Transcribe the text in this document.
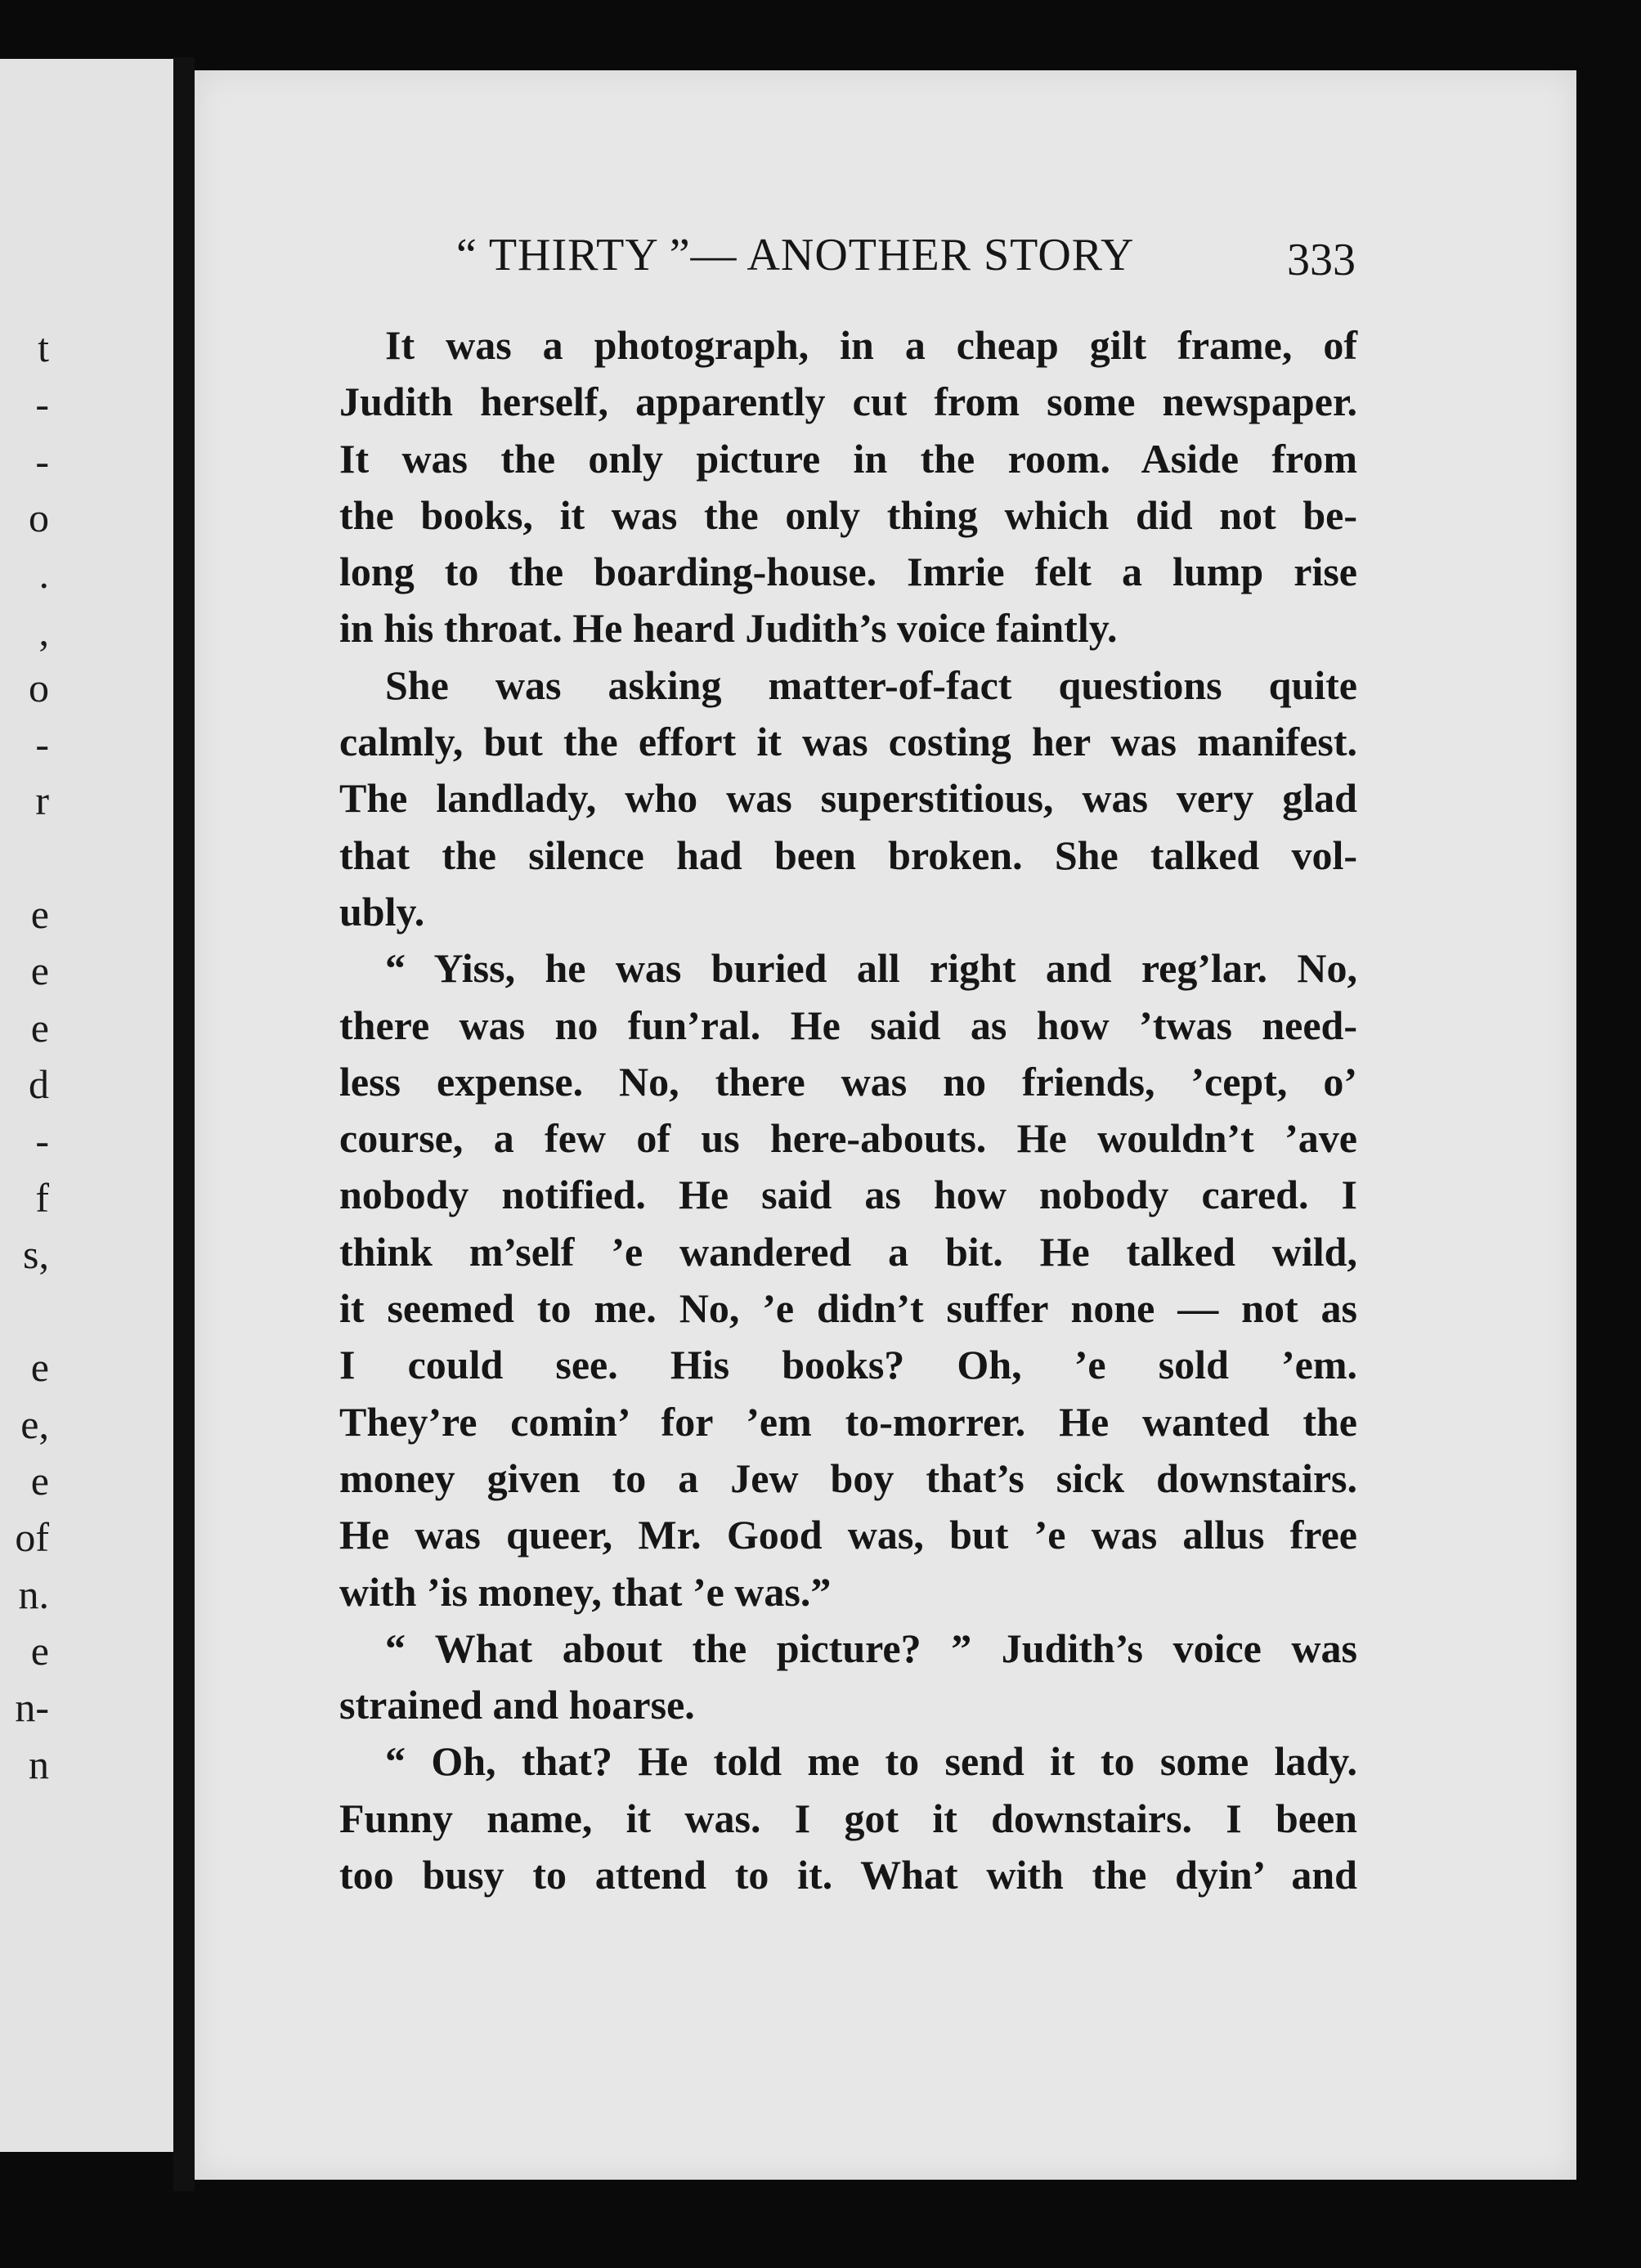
t
-
-
o
.
,
o
-
r
e
e
e
d
-
f
s,
e
e,
e
of
n.
e
n-
n
“ THIRTY ”— ANOTHER STORY	333
It was a photograph, in a cheap gilt frame, of
Judith herself, apparently cut from some newspaper.
It was the only picture in the room. Aside from
the books, it was the only thing which did not be-
long to the boarding-house. Imrie felt a lump rise
in his throat. He heard Judith’s voice faintly.
She was asking matter-of-fact questions quite
calmly, but the effort it was costing her was manifest.
The landlady, who was superstitious, was very glad
that the silence had been broken. She talked vol-
ubly.
“ Yiss, he was buried all right and reg’lar. No,
there was no fun’ral. He said as how ’twas need-
less expense. No, there was no friends, ’cept, o’
course, a few of us here-abouts. He wouldn’t ’ave
nobody notified. He said as how nobody cared. I
think m’self ’e wandered a bit. He talked wild,
it seemed to me. No, ’e didn’t suffer none — not as
I could see. His books? Oh, ’e sold ’em.
They’re comin’ for ’em to-morrer. He wanted the
money given to a Jew boy that’s sick downstairs.
He was queer, Mr. Good was, but ’e was allus free
with ’is money, that ’e was.”
“ What about the picture? ” Judith’s voice was
strained and hoarse.
“ Oh, that? He told me to send it to some lady.
Funny name, it was. I got it downstairs. I been
too busy to attend to it. What with the dyin’ and
